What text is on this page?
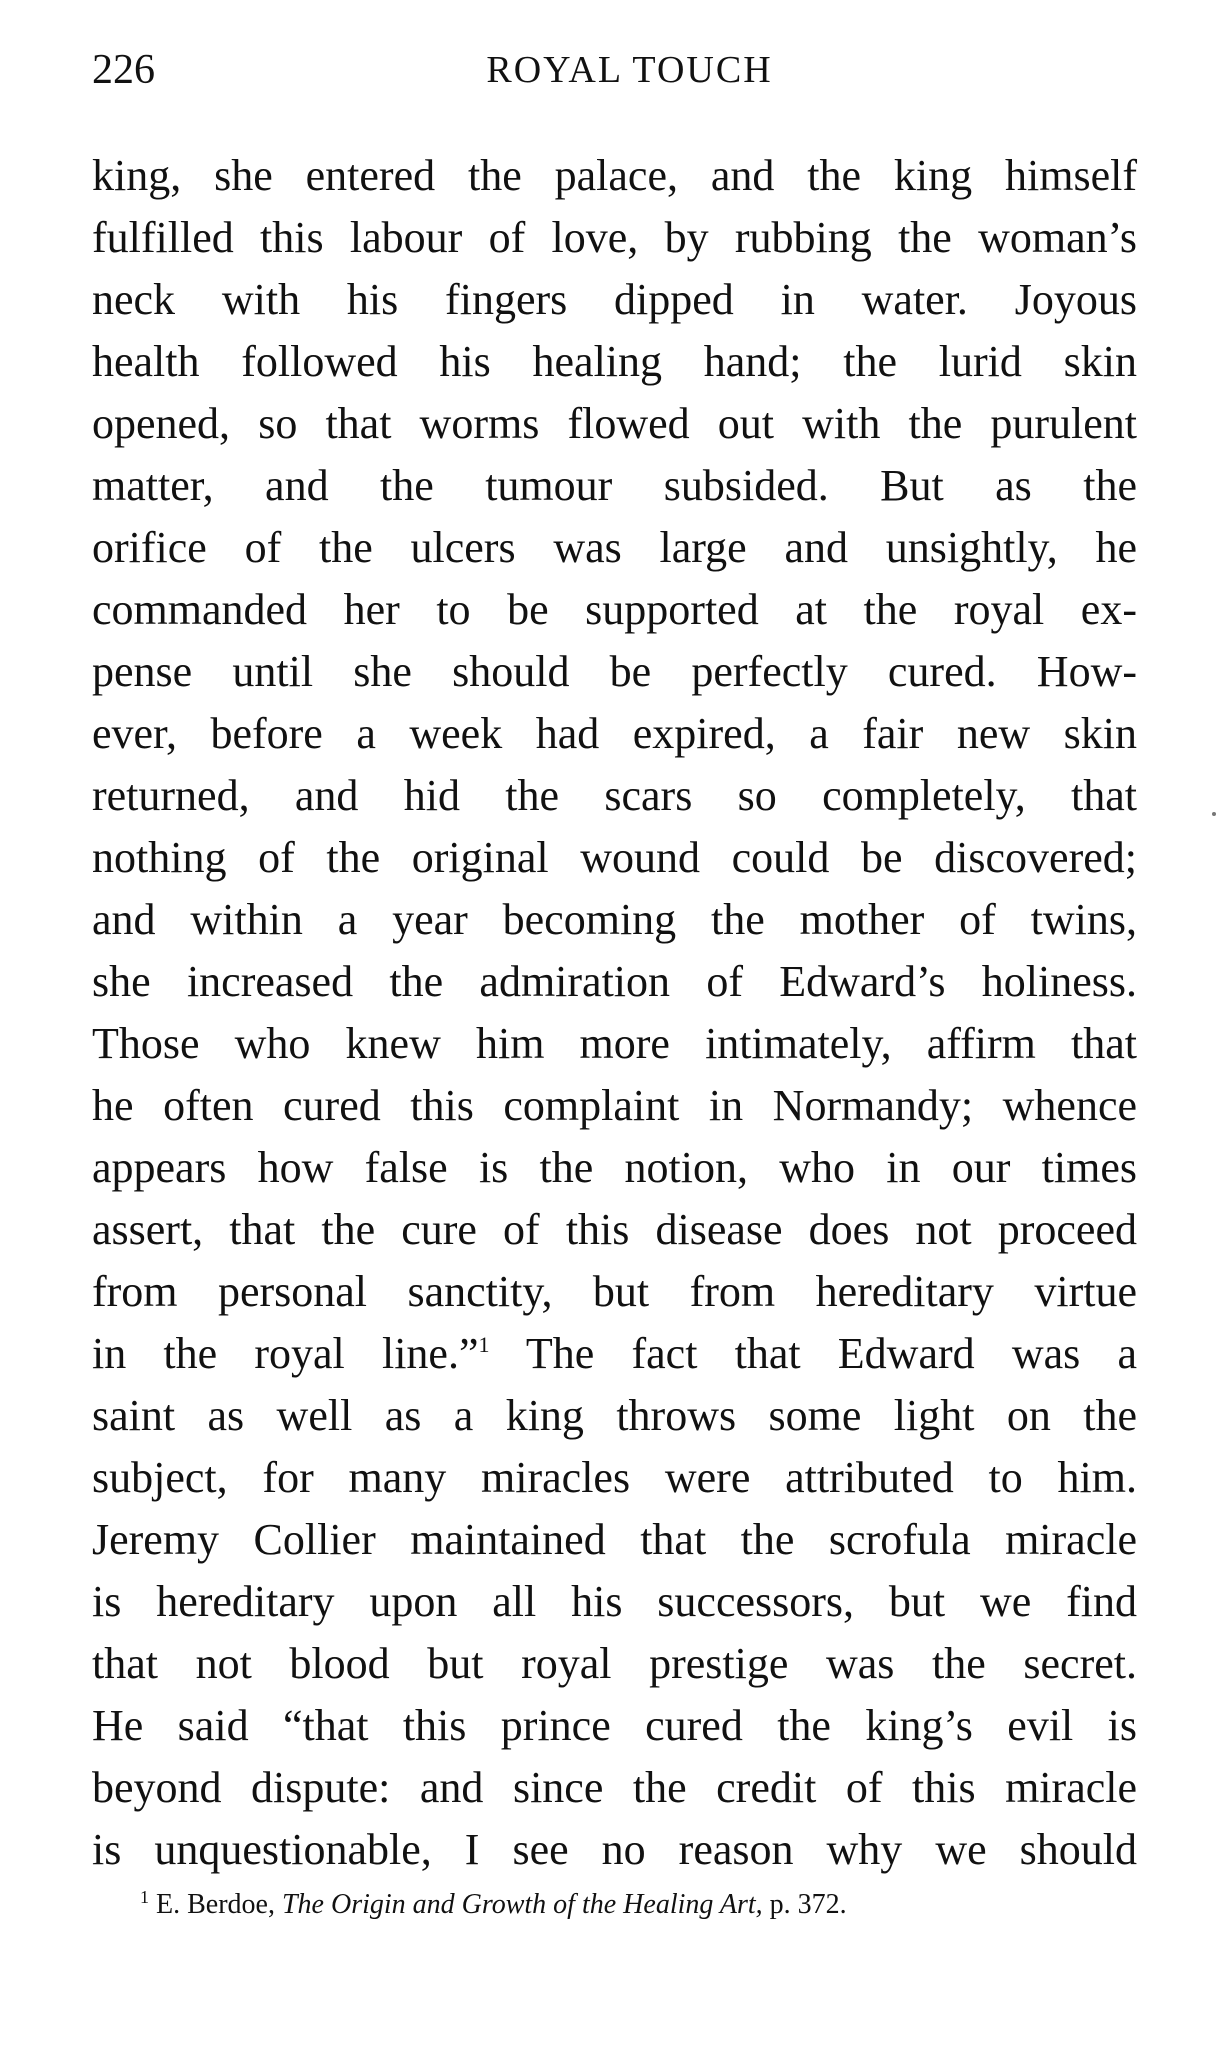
226	ROYAL TOUCH
king, she entered the palace, and the king himself
fulfilled this labour of love, by rubbing the woman’s
neck with his fingers dipped in water. Joyous
health followed his healing hand; the lurid skin
opened, so that worms flowed out with the purulent
matter, and the tumour subsided. But as the
orifice of the ulcers was large and unsightly, he
commanded her to be supported at the royal ex-
pense until she should be perfectly cured. How-
ever, before a week had expired, a fair new skin
returned, and hid the scars so completely, that
nothing of the original wound could be discovered;
and within a year becoming the mother of twins,
she increased the admiration of Edward’s holiness.
Those who knew him more intimately, affirm that
he often cured this complaint in Normandy; whence
appears how false is the notion, who in our times
assert, that the cure of this disease does not proceed
from personal sanctity, but from hereditary virtue
in the royal line.”$^1$ The fact that Edward was a
saint as well as a king throws some light on the
subject, for many miracles were attributed to him.
Jeremy Collier maintained that the scrofula miracle
is hereditary upon all his successors, but we find
that not blood but royal prestige was the secret.
He said “that this prince cured the king’s evil is
beyond dispute: and since the credit of this miracle
is unquestionable, I see no reason why we should
$^1$ E. Berdoe, The Origin and Growth of the Healing Art, p. 372.
